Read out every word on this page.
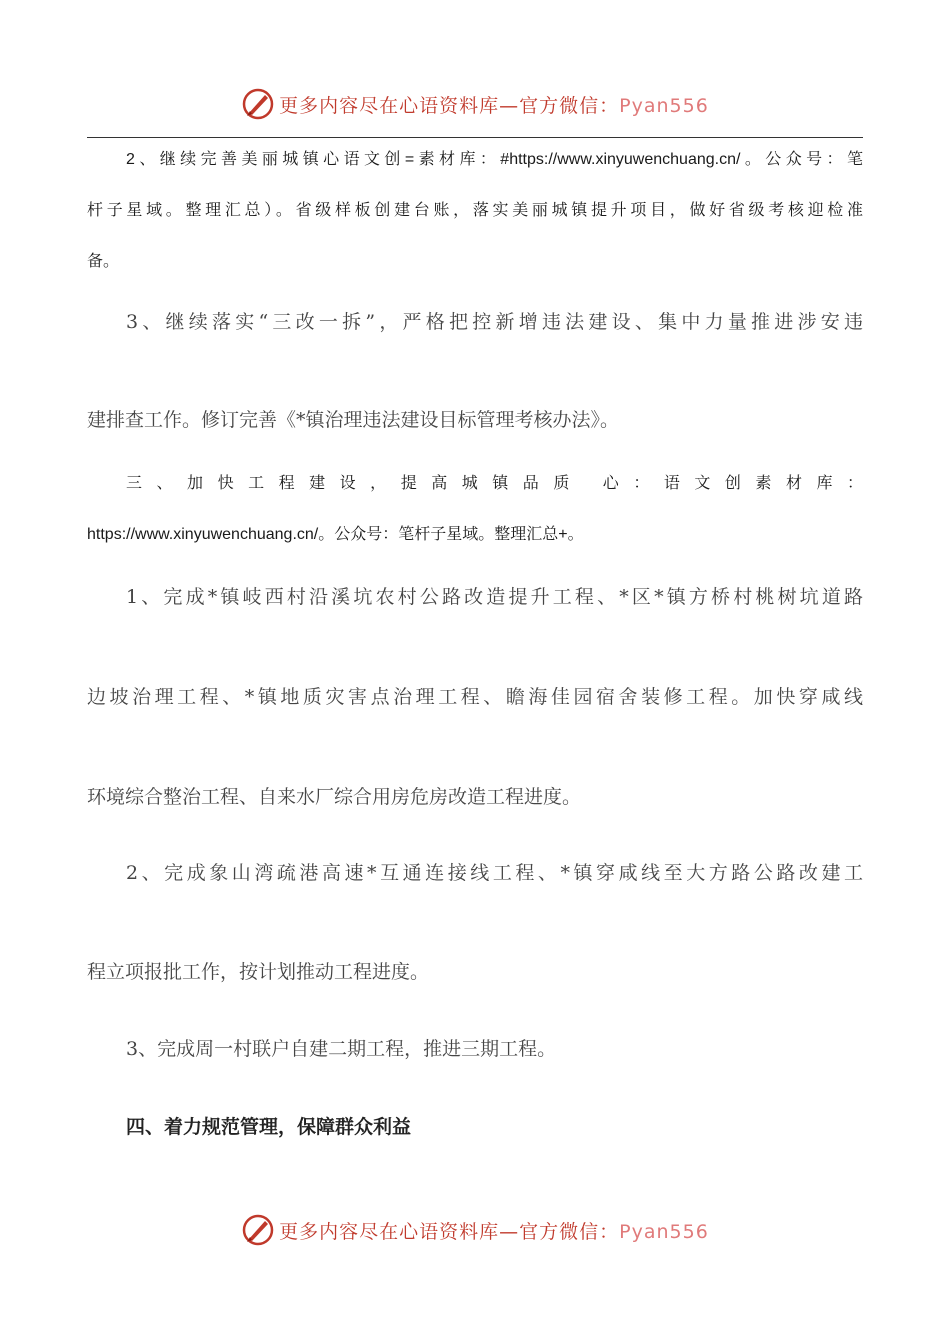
更多内容尽在心语资料库—官方微信：Pyan556
2、继续完善美丽城镇心语文创=素材库：#https://www.xinyuwenchuang.cn/。公众号：笔
杆子星域。整理汇总）。省级样板创建台账，落实美丽城镇提升项目，做好省级考核迎检准
备。
3、继续落实“三改一拆”，严格把控新增违法建设、集中力量推进涉安违
建排查工作。修订完善《*镇治理违法建设目标管理考核办法》。
三、加快工程建设，提高城镇品质 心：语文创素材库：
https://www.xinyuwenchuang.cn/。公众号：笔杆子星域。整理汇总+。
1、完成*镇岐西村沿溪坑农村公路改造提升工程、*区*镇方桥村桃树坑道路
边坡治理工程、*镇地质灾害点治理工程、瞻海佳园宿舍装修工程。加快穿咸线
环境综合整治工程、自来水厂综合用房危房改造工程进度。
2、完成象山湾疏港高速*互通连接线工程、*镇穿咸线至大方路公路改建工
程立项报批工作，按计划推动工程进度。
3、完成周一村联户自建二期工程，推进三期工程。
四、着力规范管理，保障群众利益
更多内容尽在心语资料库—官方微信：Pyan556
